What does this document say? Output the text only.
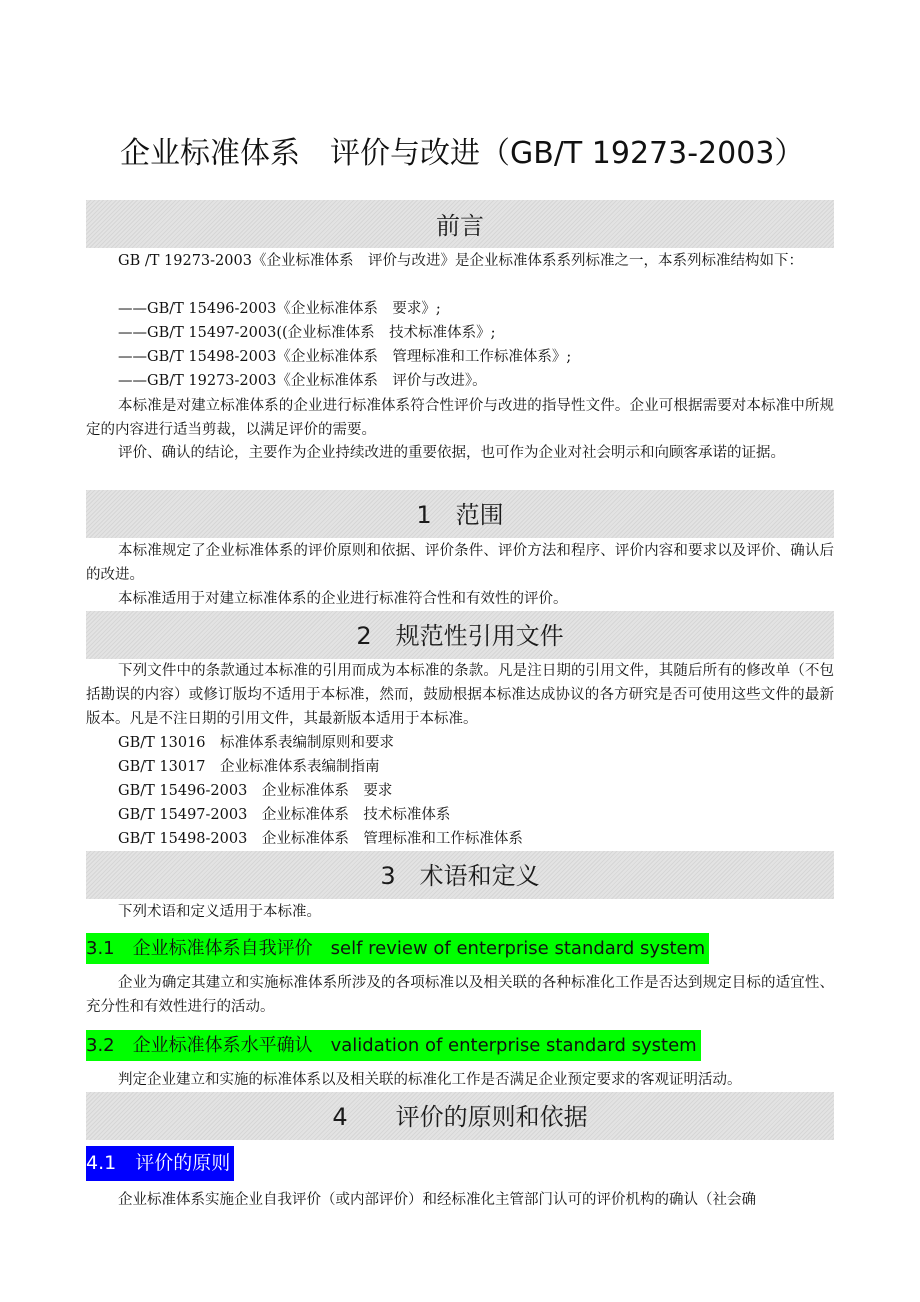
企业标准体系　评价与改进（GB/T 19273-2003）
前言
GB /T 19273-2003《企业标准体系　评价与改进》是企业标准体系系列标准之一，本系列标准结构如下：
——GB/T 15496-2003《企业标准体系　要求》;
——GB/T 15497-2003((企业标准体系　技术标准体系》;
——GB/T 15498-2003《企业标准体系　管理标准和工作标准体系》;
——GB/T 19273-2003《企业标准体系　评价与改进》。
本标准是对建立标准体系的企业进行标准体系符合性评价与改进的指导性文件。企业可根据需要对本标准中所规定的内容进行适当剪裁，以满足评价的需要。
评价、确认的结论，主要作为企业持续改进的重要依据，也可作为企业对社会明示和向顾客承诺的证据。
1　范围
本标准规定了企业标准体系的评价原则和依据、评价条件、评价方法和程序、评价内容和要求以及评价、确认后的改进。
本标准适用于对建立标准体系的企业进行标准符合性和有效性的评价。
2　规范性引用文件
下列文件中的条款通过本标准的引用而成为本标准的条款。凡是注日期的引用文件，其随后所有的修改单（不包括勘误的内容）或修订版均不适用于本标准，然而，鼓励根据本标准达成协议的各方研究是否可使用这些文件的最新版本。凡是不注日期的引用文件，其最新版本适用于本标准。
GB/T 13016　标准体系表编制原则和要求
GB/T 13017　企业标准体系表编制指南
GB/T 15496-2003　企业标准体系　要求
GB/T 15497-2003　企业标准体系　技术标准体系
GB/T 15498-2003　企业标准体系　管理标准和工作标准体系
3　术语和定义
下列术语和定义适用于本标准。
3.1　企业标准体系自我评价　self review of enterprise standard system
企业为确定其建立和实施标准体系所涉及的各项标准以及相关联的各种标准化工作是否达到规定目标的适宜性、充分性和有效性进行的活动。
3.2　企业标准体系水平确认　validation of enterprise standard system
判定企业建立和实施的标准体系以及相关联的标准化工作是否满足企业预定要求的客观证明活动。
4　　评价的原则和依据
4.1　评价的原则
企业标准体系实施企业自我评价（或内部评价）和经标准化主管部门认可的评价机构的确认（社会确
